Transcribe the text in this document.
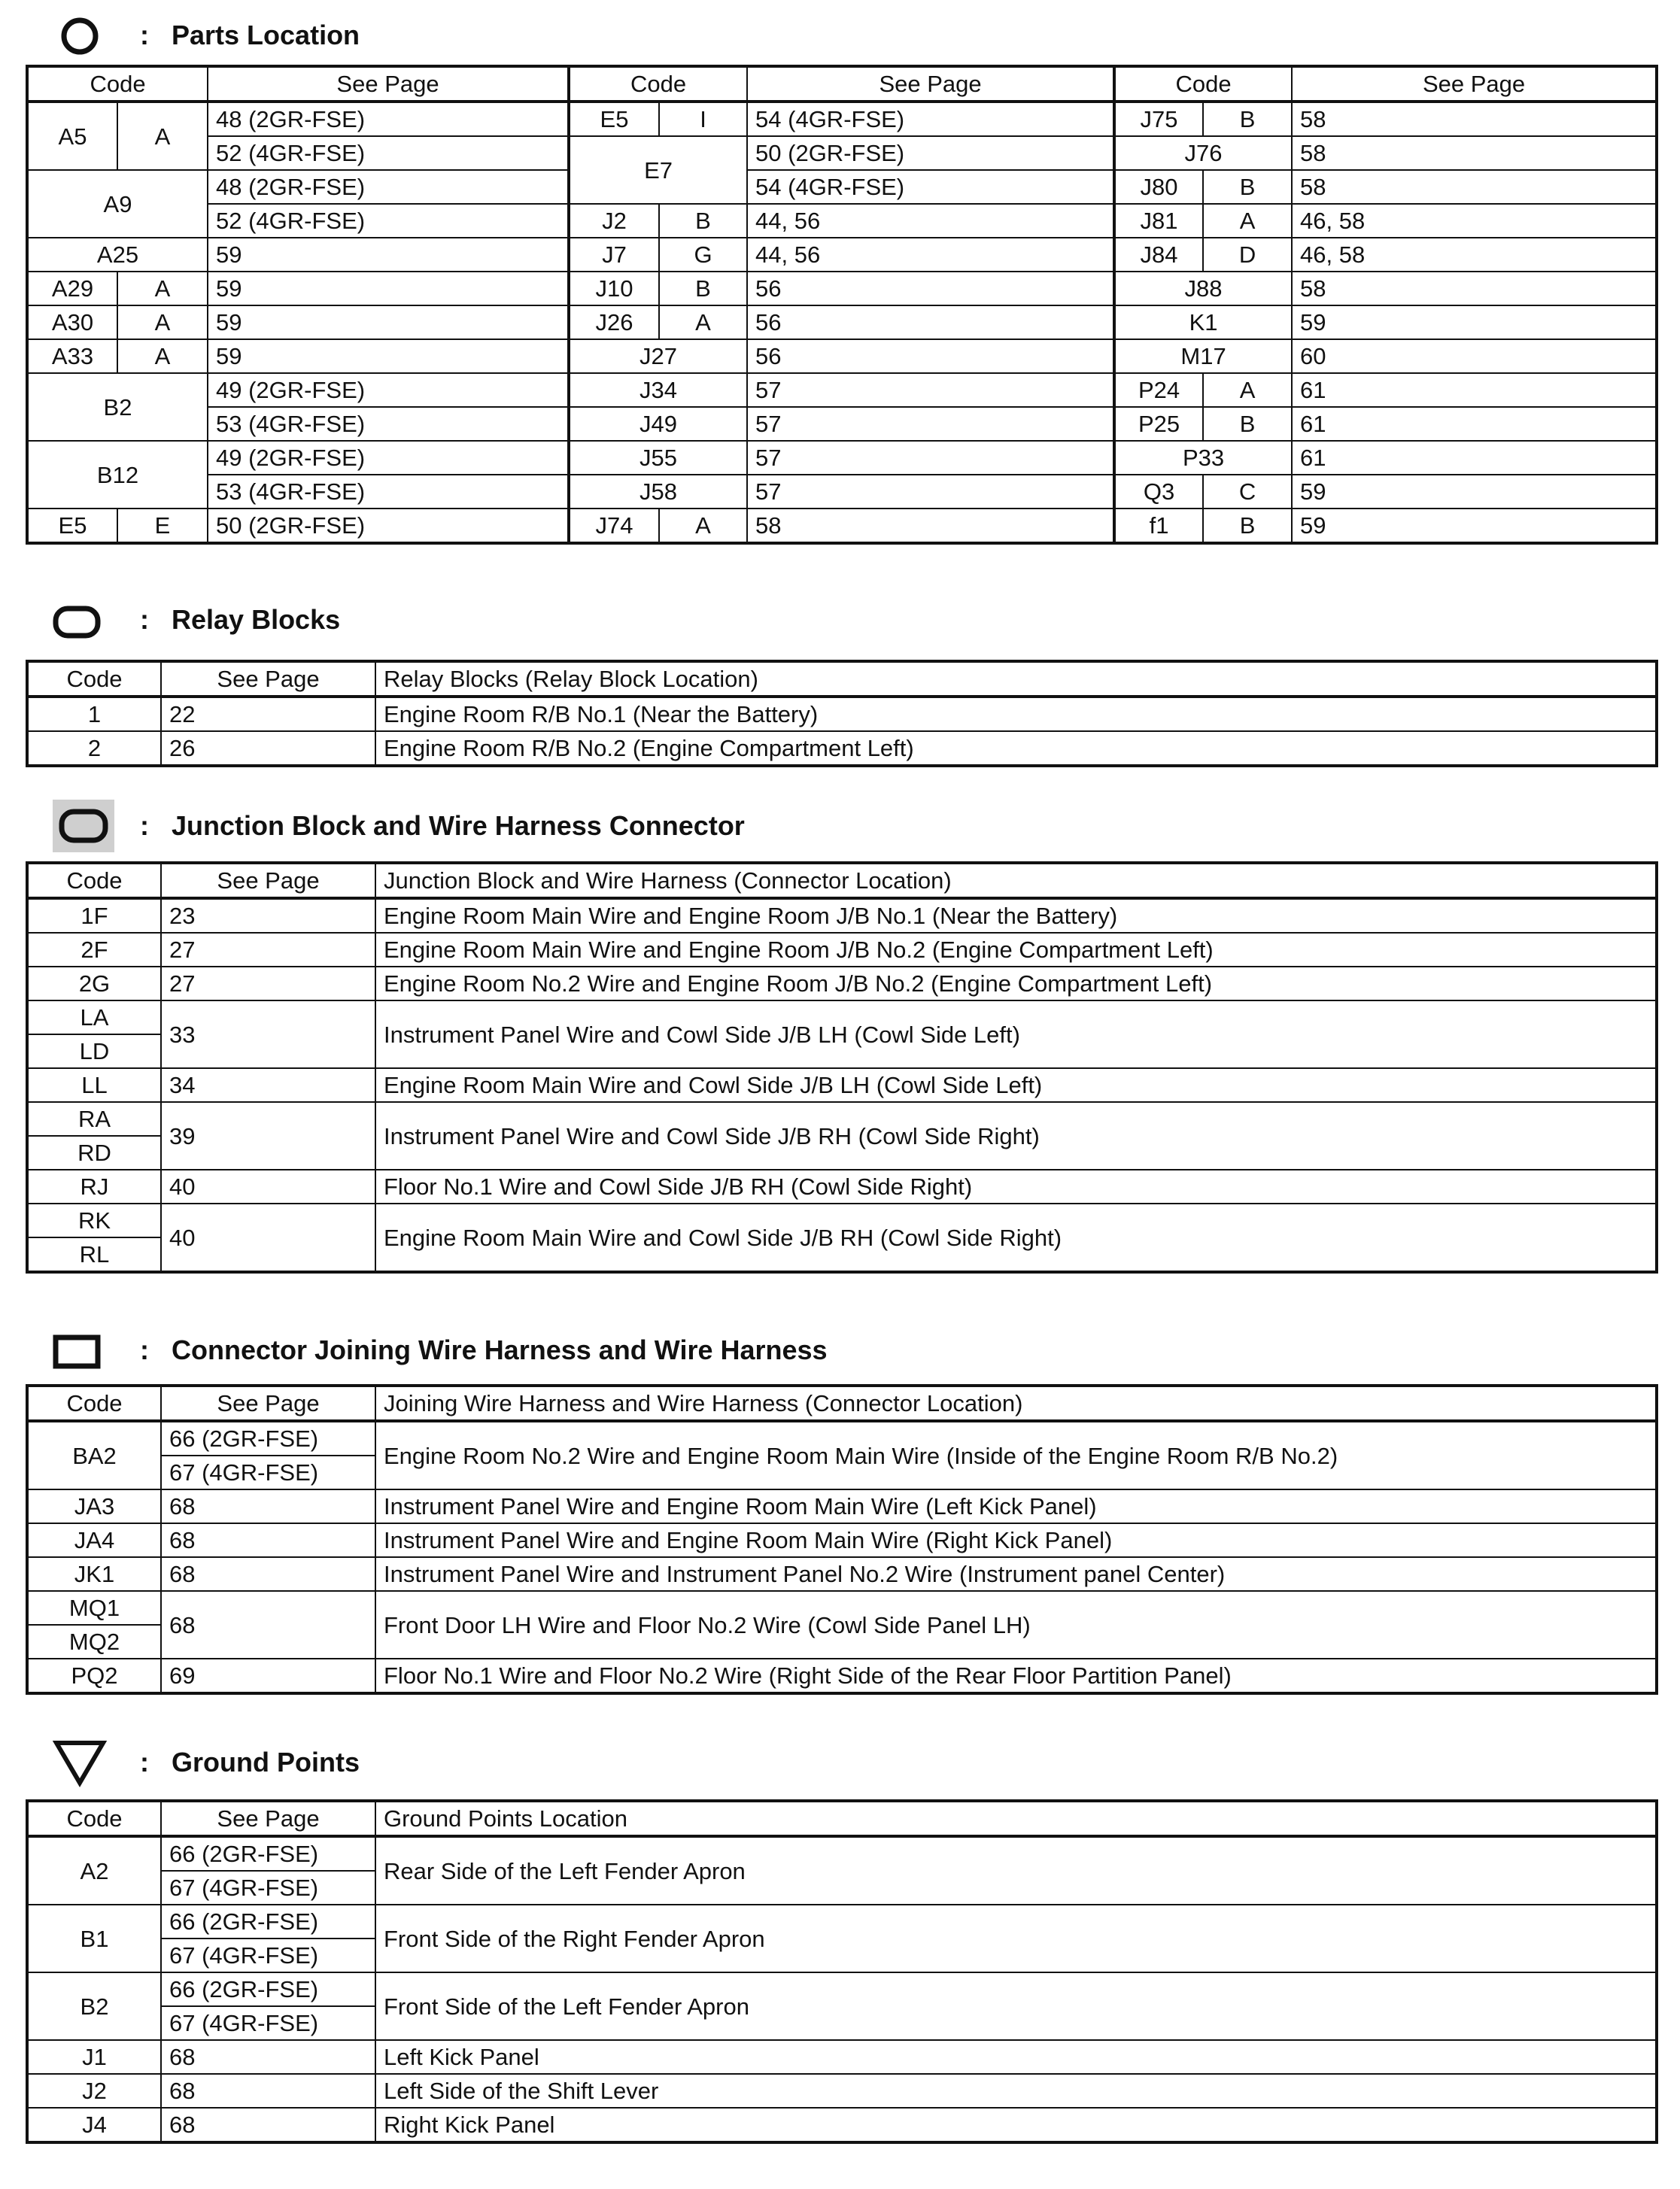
: Parts Location
Code		See Page	Code		See Page	Code		See Page
A5	A	48 (2GR-FSE)	E5	I	54 (4GR-FSE)	J75	B	58
		52 (4GR-FSE)	E7		50 (2GR-FSE)	J76		58
A9		48 (2GR-FSE)			54 (4GR-FSE)	J80	B	58
		52 (4GR-FSE)	J2	B	44, 56	J81	A	46, 58
A25		59	J7	G	44, 56	J84	D	46, 58
A29	A	59	J10	B	56	J88		58
A30	A	59	J26	A	56	K1		59
A33	A	59	J27		56	M17		60
B2		49 (2GR-FSE)	J34		57	P24	A	61
		53 (4GR-FSE)	J49		57	P25	B	61
B12		49 (2GR-FSE)	J55		57	P33		61
		53 (4GR-FSE)	J58		57	Q3	C	59
E5	E	50 (2GR-FSE)	J74	A	58	f1	B	59
: Relay Blocks
Code	See Page	Relay Blocks (Relay Block Location)
1	22	Engine Room R/B No.1 (Near the Battery)
2	26	Engine Room R/B No.2 (Engine Compartment Left)
: Junction Block and Wire Harness Connector
Code	See Page	Junction Block and Wire Harness (Connector Location)
1F	23	Engine Room Main Wire and Engine Room J/B No.1 (Near the Battery)
2F	27	Engine Room Main Wire and Engine Room J/B No.2 (Engine Compartment Left)
2G	27	Engine Room No.2 Wire and Engine Room J/B No.2 (Engine Compartment Left)
LA	33	Instrument Panel Wire and Cowl Side J/B LH (Cowl Side Left)
LD		
LL	34	Engine Room Main Wire and Cowl Side J/B LH (Cowl Side Left)
RA	39	Instrument Panel Wire and Cowl Side J/B RH (Cowl Side Right)
RD		
RJ	40	Floor No.1 Wire and Cowl Side J/B RH (Cowl Side Right)
RK	40	Engine Room Main Wire and Cowl Side J/B RH (Cowl Side Right)
RL		
: Connector Joining Wire Harness and Wire Harness
Code	See Page	Joining Wire Harness and Wire Harness (Connector Location)
BA2	66 (2GR-FSE)	Engine Room No.2 Wire and Engine Room Main Wire (Inside of the Engine Room R/B No.2)
	67 (4GR-FSE)	
JA3	68	Instrument Panel Wire and Engine Room Main Wire (Left Kick Panel)
JA4	68	Instrument Panel Wire and Engine Room Main Wire (Right Kick Panel)
JK1	68	Instrument Panel Wire and Instrument Panel No.2 Wire (Instrument panel Center)
MQ1	68	Front Door LH Wire and Floor No.2 Wire (Cowl Side Panel LH)
MQ2		
PQ2	69	Floor No.1 Wire and Floor No.2 Wire (Right Side of the Rear Floor Partition Panel)
: Ground Points
Code	See Page	Ground Points Location
A2	66 (2GR-FSE)	Rear Side of the Left Fender Apron
	67 (4GR-FSE)	
B1	66 (2GR-FSE)	Front Side of the Right Fender Apron
	67 (4GR-FSE)	
B2	66 (2GR-FSE)	Front Side of the Left Fender Apron
	67 (4GR-FSE)	
J1	68	Left Kick Panel
J2	68	Left Side of the Shift Lever
J4	68	Right Kick Panel
